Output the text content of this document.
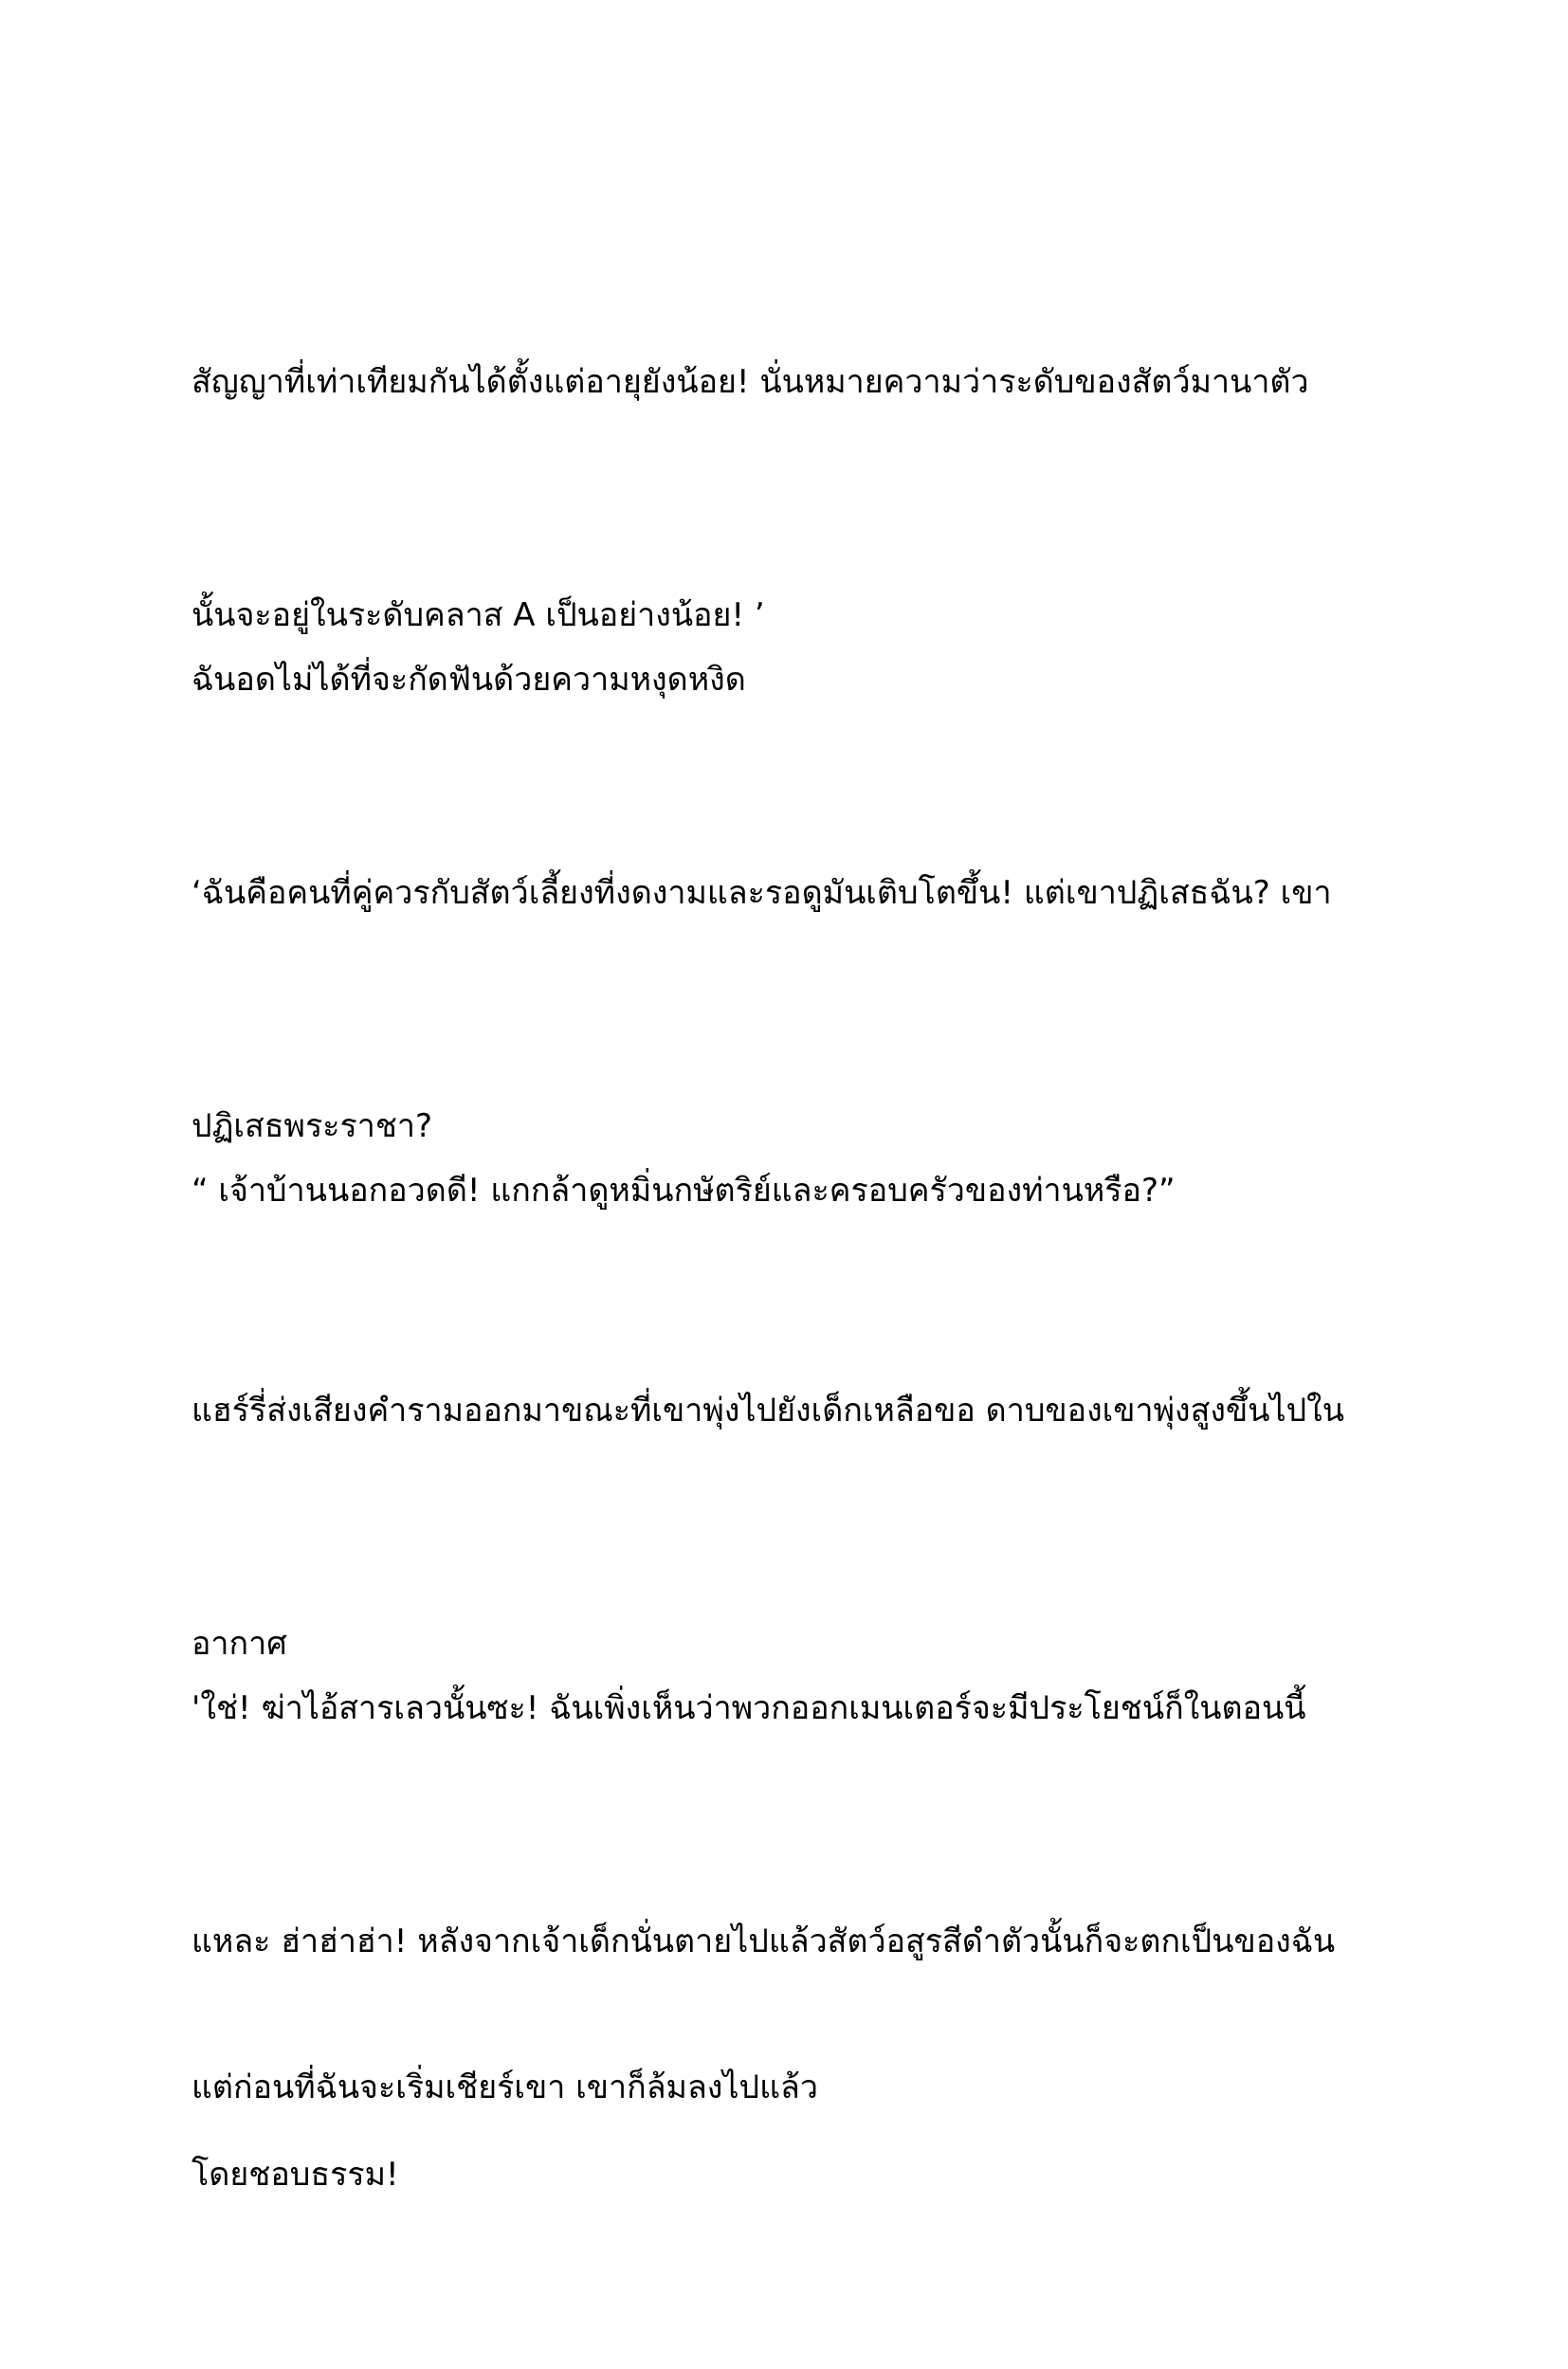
สัญญาที่เท่าเทียมกันได้ตั้งแต่อายุยังน้อย! นั่นหมายความว่าระดับของสัตว์มานาตัว

นั้นจะอยู่ในระดับคลาส A เป็นอย่างน้อย! ’

ฉันอดไม่ได้ที่จะกัดฟันด้วยความหงุดหงิด

‘ฉันคือคนที่คู่ควรกับสัตว์เลี้ยงที่งดงามและรอดูมันเติบโตขึ้น! แต่เขาปฏิเสธฉัน? เขา

ปฏิเสธพระราชา?

“ เจ้าบ้านนอกอวดดี! แกกล้าดูหมิ่นกษัตริย์และครอบครัวของท่านหรือ?”

แฮร์รี่ส่งเสียงคำรามออกมาขณะที่เขาพุ่งไปยังเด็กเหลือขอ ดาบของเขาพุ่งสูงขึ้นไปใน

อากาศ

'ใช่! ฆ่าไอ้สารเลวนั้นซะ! ฉันเพิ่งเห็นว่าพวกออกเมนเตอร์จะมีประโยชน์ก็ในตอนนี้

แหละ ฮ่าฮ่าฮ่า! หลังจากเจ้าเด็กนั่นตายไปแล้วสัตว์อสูรสีดำตัวนั้นก็จะตกเป็นของฉัน

โดยชอบธรรม!

แต่ก่อนที่ฉันจะเริ่มเชียร์เขา เขาก็ล้มลงไปแล้ว
